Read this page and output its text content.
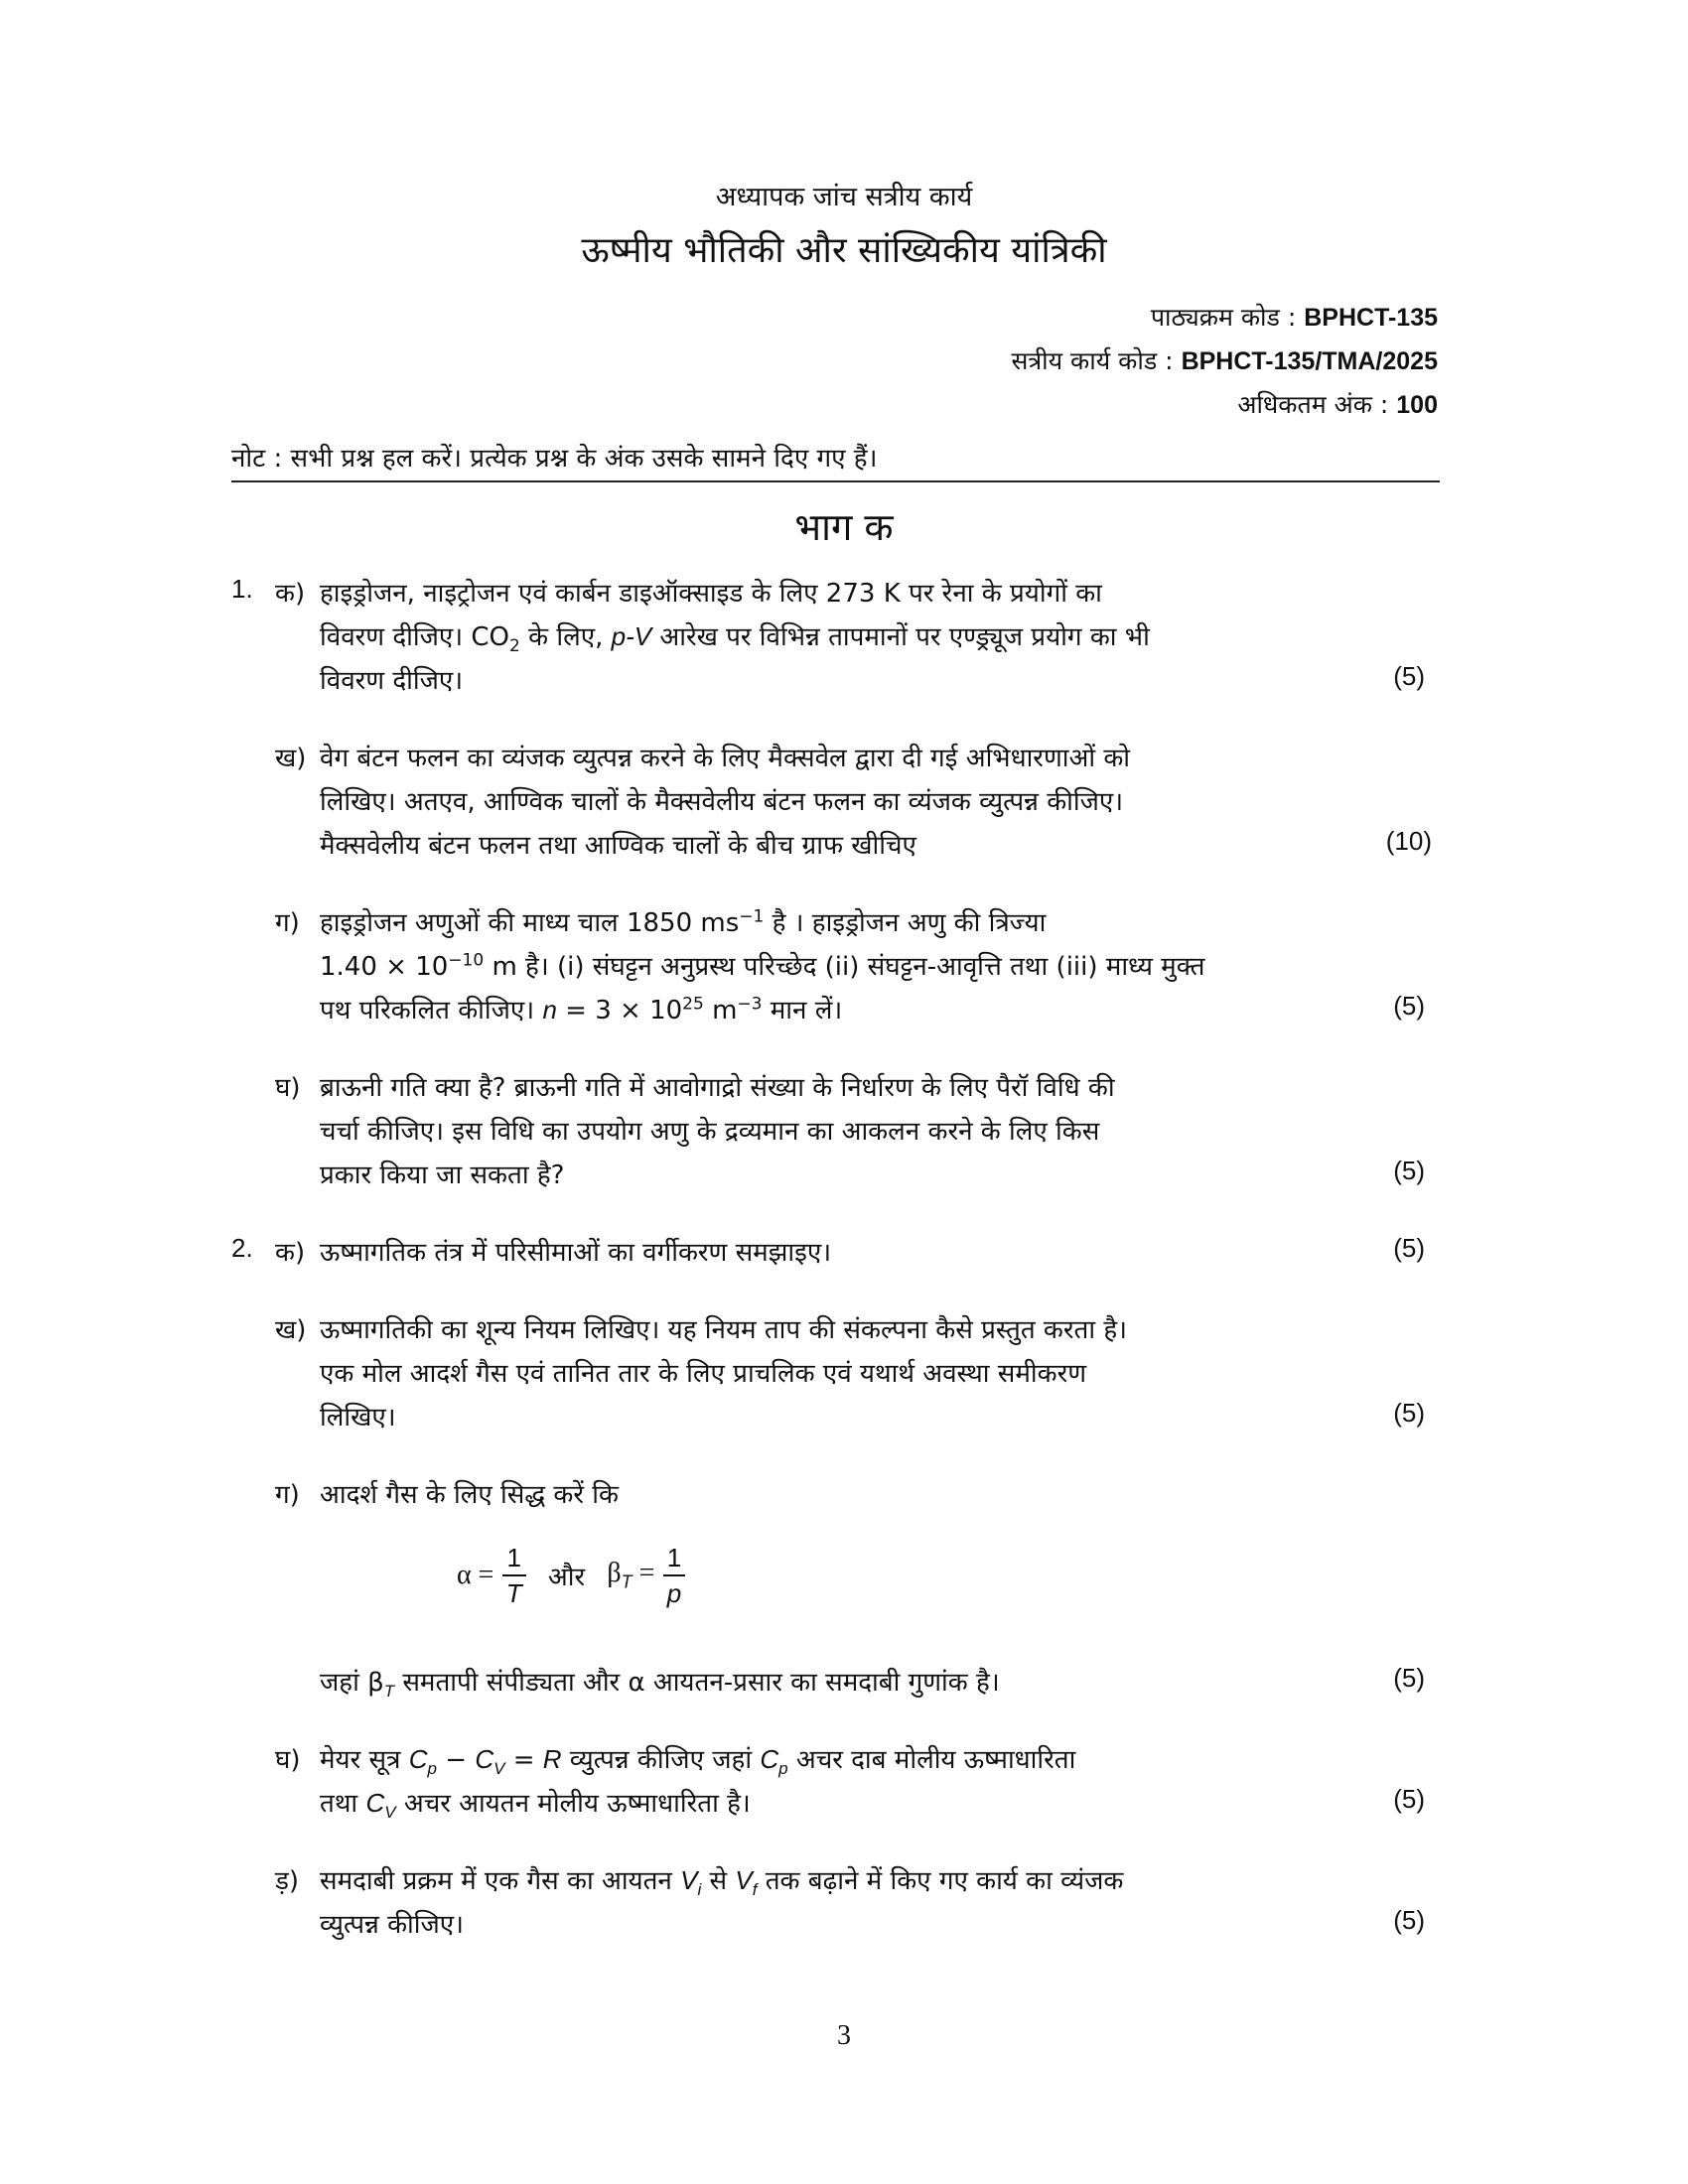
अध्यापक जांच सत्रीय कार्य
ऊष्मीय भौतिकी और सांख्यिकीय यांत्रिकी
पाठ्यक्रम कोड : BPHCT-135
सत्रीय कार्य कोड : BPHCT-135/TMA/2025
अधिकतम अंक : 100
नोट : सभी प्रश्न हल करें। प्रत्येक प्रश्न के अंक उसके सामने दिए गए हैं।
भाग क
1. क) हाइड्रोजन, नाइट्रोजन एवं कार्बन डाइऑक्साइड के लिए 273 K पर रेना के प्रयोगों का
विवरण दीजिए। $CO_2$ के लिए, p-V आरेख पर विभिन्न तापमानों पर एण्ड्र्यूज प्रयोग का भी
विवरण दीजिए।	(5)
ख) वेग बंटन फलन का व्यंजक व्युत्पन्न करने के लिए मैक्सवेल द्वारा दी गई अभिधारणाओं को
लिखिए। अतएव, आण्विक चालों के मैक्सवेलीय बंटन फलन का व्यंजक व्युत्पन्न कीजिए।
मैक्सवेलीय बंटन फलन तथा आण्विक चालों के बीच ग्राफ खीचिए	(10)
ग) हाइड्रोजन अणुओं की माध्य चाल 1850 $ms^{-1}$ है । हाइड्रोजन अणु की त्रिज्या
$1.40 \times 10^{-10}$ m है। (i) संघट्टन अनुप्रस्थ परिच्छेद (ii) संघट्टन-आवृत्ति तथा (iii) माध्य मुक्त
पथ परिकलित कीजिए। $n = 3 \times 10^{25}$ $m^{-3}$ मान लें।	(5)
घ) ब्राऊनी गति क्या है? ब्राऊनी गति में आवोगाद्रो संख्या के निर्धारण के लिए पैरॉ विधि की
चर्चा कीजिए। इस विधि का उपयोग अणु के द्रव्यमान का आकलन करने के लिए किस
प्रकार किया जा सकता है?	(5)
2. क) ऊष्मागतिक तंत्र में परिसीमाओं का वर्गीकरण समझाइए।	(5)
ख) ऊष्मागतिकी का शून्य नियम लिखिए। यह नियम ताप की संकल्पना कैसे प्रस्तुत करता है।
एक मोल आदर्श गैस एवं तानित तार के लिए प्राचलिक एवं यथार्थ अवस्था समीकरण
लिखिए।	(5)
ग) आदर्श गैस के लिए सिद्ध करें कि
$\alpha = \frac{1}{T}$ और $\beta_T = \frac{1}{p}$
जहां $\beta_T$ समतापी संपीड्यता और α आयतन-प्रसार का समदाबी गुणांक है।	(5)
घ) मेयर सूत्र $C_p - C_V = R$ व्युत्पन्न कीजिए जहां $C_p$ अचर दाब मोलीय ऊष्माधारिता
तथा $C_V$ अचर आयतन मोलीय ऊष्माधारिता है।	(5)
ड़) समदाबी प्रक्रम में एक गैस का आयतन $V_i$ से $V_f$ तक बढ़ाने में किए गए कार्य का व्यंजक
व्युत्पन्न कीजिए।	(5)
3
